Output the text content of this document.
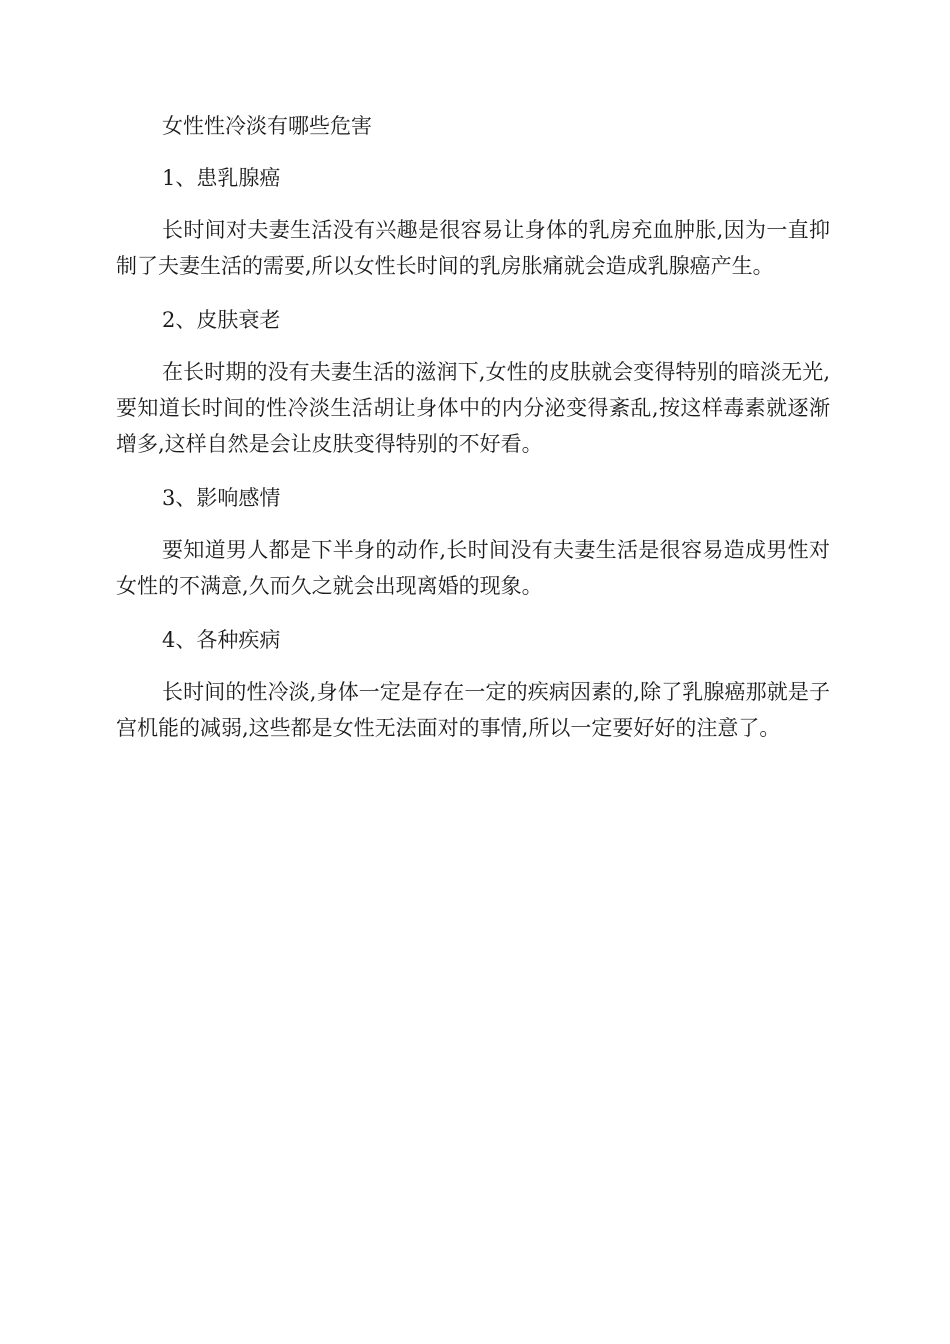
女性性冷淡有哪些危害

1、患乳腺癌

长时间对夫妻生活没有兴趣是很容易让身体的乳房充血肿胀,因为一直抑制了夫妻生活的需要,所以女性长时间的乳房胀痛就会造成乳腺癌产生。

2、皮肤衰老

在长时期的没有夫妻生活的滋润下,女性的皮肤就会变得特别的暗淡无光,要知道长时间的性冷淡生活胡让身体中的内分泌变得紊乱,按这样毒素就逐渐增多,这样自然是会让皮肤变得特别的不好看。

3、影响感情

要知道男人都是下半身的动作,长时间没有夫妻生活是很容易造成男性对女性的不满意,久而久之就会出现离婚的现象。

4、各种疾病

长时间的性冷淡,身体一定是存在一定的疾病因素的,除了乳腺癌那就是子宫机能的减弱,这些都是女性无法面对的事情,所以一定要好好的注意了。
